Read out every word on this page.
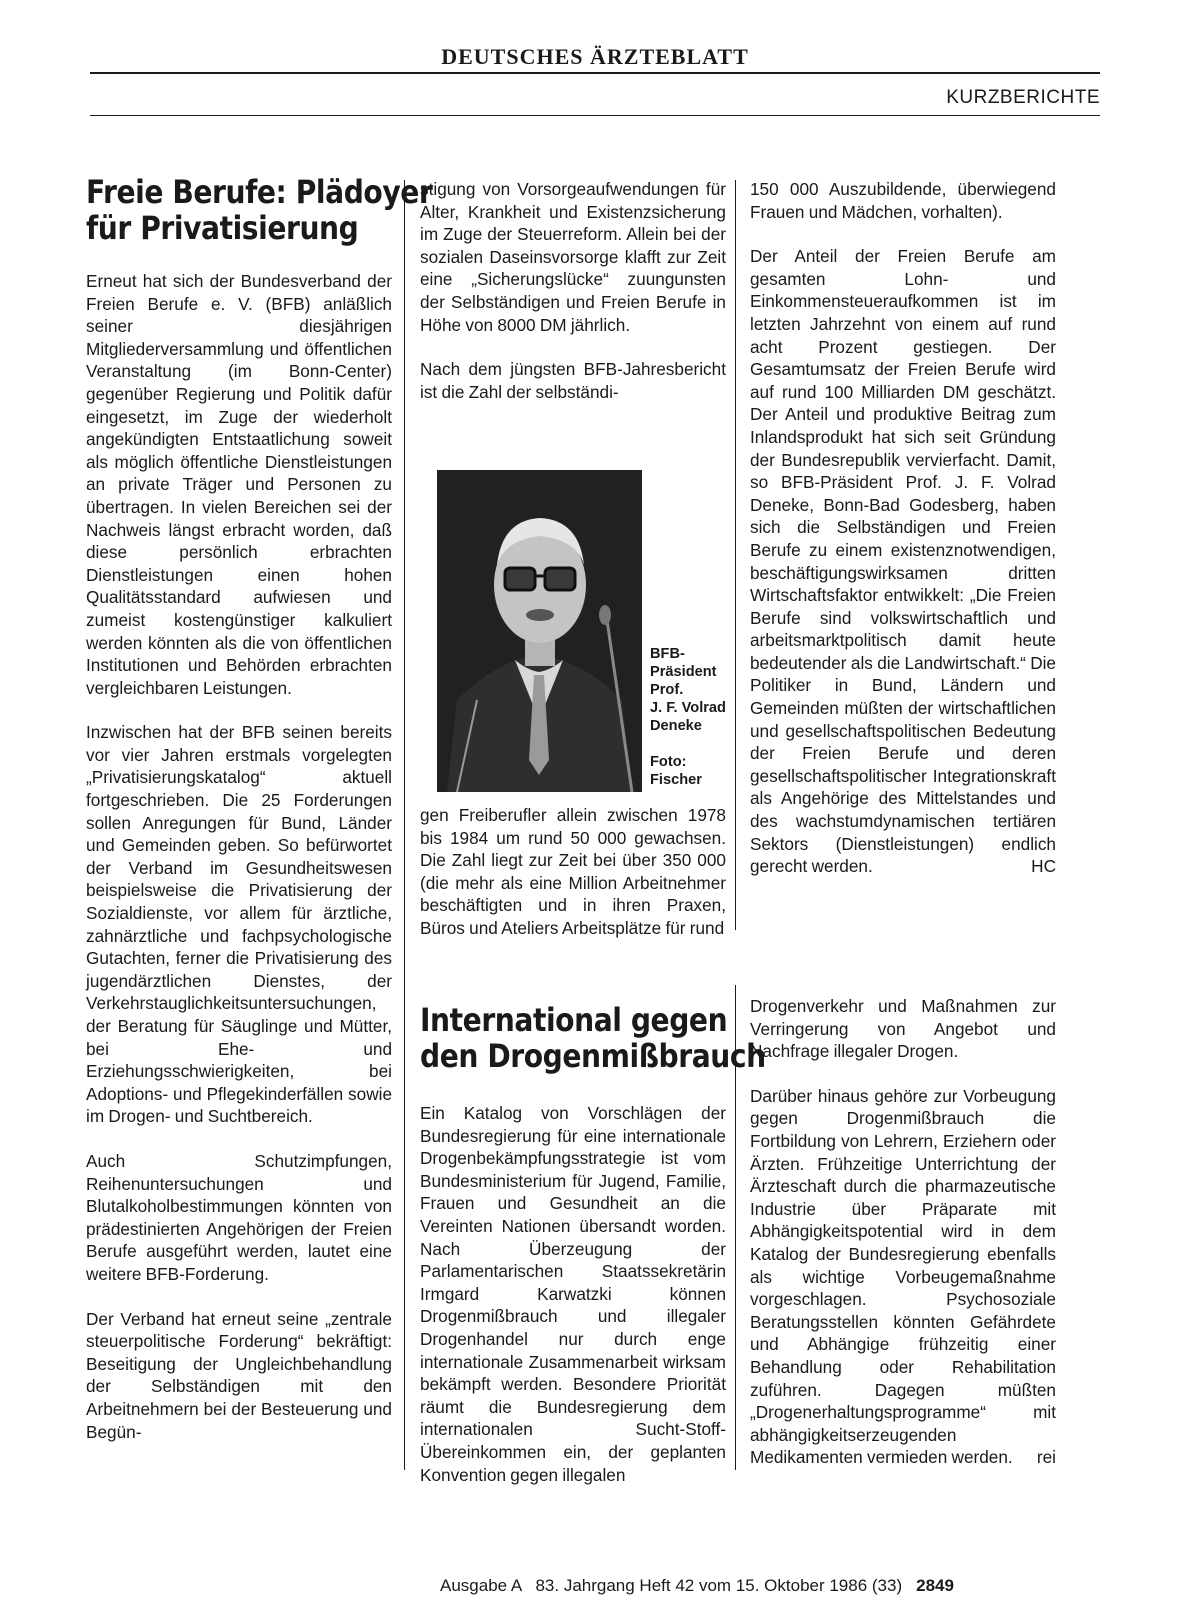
DEUTSCHES ÄRZTEBLATT
KURZBERICHTE
Freie Berufe: Plädoyer
für Privatisierung

Erneut hat sich der Bundesverband der Freien Berufe e. V. (BFB) anläßlich seiner diesjährigen Mitgliederversammlung und öffentlichen Veranstaltung (im Bonn-Center) gegenüber Regierung und Politik dafür eingesetzt, im Zuge der wiederholt angekündigten Entstaatlichung soweit als möglich öffentliche Dienstleistungen an private Träger und Personen zu übertragen. In vielen Bereichen sei der Nachweis längst erbracht worden, daß diese persönlich erbrachten Dienstleistungen einen hohen Qualitätsstandard aufwiesen und zumeist kostengünstiger kalkuliert werden könnten als die von öffentlichen Institutionen und Behörden erbrachten vergleichbaren Leistungen.

Inzwischen hat der BFB seinen bereits vor vier Jahren erstmals vorgelegten „Privatisierungskatalog“ aktuell fortgeschrieben. Die 25 Forderungen sollen Anregungen für Bund, Länder und Gemeinden geben. So befürwortet der Verband im Gesundheitswesen beispielsweise die Privatisierung der Sozialdienste, vor allem für ärztliche, zahnärztliche und fachpsychologische Gutachten, ferner die Privatisierung des jugendärztlichen Dienstes, der Verkehrstauglichkeitsuntersuchungen, der Beratung für Säuglinge und Mütter, bei Ehe- und Erziehungsschwierigkeiten, bei Adoptions- und Pflegekinderfällen sowie im Drogen- und Suchtbereich.

Auch Schutzimpfungen, Reihenuntersuchungen und Blutalkoholbestimmungen könnten von prädestinierten Angehörigen der Freien Berufe ausgeführt werden, lautet eine weitere BFB-Forderung.

Der Verband hat erneut seine „zentrale steuerpolitische Forderung“ bekräftigt: Beseitigung der Ungleichbehandlung der Selbständigen mit den Arbeitnehmern bei der Besteuerung und Begün-

stigung von Vorsorgeaufwendungen für Alter, Krankheit und Existenzsicherung im Zuge der Steuerreform. Allein bei der sozialen Daseinsvorsorge klafft zur Zeit eine „Sicherungslücke“ zuungunsten der Selbständigen und Freien Berufe in Höhe von 8000 DM jährlich.

Nach dem jüngsten BFB-Jahresbericht ist die Zahl der selbständi-

BFB-
Präsident
Prof.
J. F. Volrad
Deneke
Foto:
Fischer

gen Freiberufler allein zwischen 1978 bis 1984 um rund 50 000 gewachsen. Die Zahl liegt zur Zeit bei über 350 000 (die mehr als eine Million Arbeitnehmer beschäftigten und in ihren Praxen, Büros und Ateliers Arbeitsplätze für rund

150 000 Auszubildende, überwiegend Frauen und Mädchen, vorhalten).

Der Anteil der Freien Berufe am gesamten Lohn- und Einkommensteueraufkommen ist im letzten Jahrzehnt von einem auf rund acht Prozent gestiegen. Der Gesamtumsatz der Freien Berufe wird auf rund 100 Milliarden DM geschätzt. Der Anteil und produktive Beitrag zum Inlandsprodukt hat sich seit Gründung der Bundesrepublik vervierfacht. Damit, so BFB-Präsident Prof. J. F. Volrad Deneke, Bonn-Bad Godesberg, haben sich die Selbständigen und Freien Berufe zu einem existenznotwendigen, beschäftigungswirksamen dritten Wirtschaftsfaktor entwikkelt: „Die Freien Berufe sind volkswirtschaftlich und arbeitsmarktpolitisch damit heute bedeutender als die Landwirtschaft.“ Die Politiker in Bund, Ländern und Gemeinden müßten der wirtschaftlichen und gesellschaftspolitischen Bedeutung der Freien Berufe und deren gesellschaftspolitischer Integrationskraft als Angehörige des Mittelstandes und des wachstumdynamischen tertiären Sektors (Dienstleistungen) endlich gerecht werden.	HC

International gegen
den Drogenmißbrauch

Ein Katalog von Vorschlägen der Bundesregierung für eine internationale Drogenbekämpfungsstrategie ist vom Bundesministerium für Jugend, Familie, Frauen und Gesundheit an die Vereinten Nationen übersandt worden. Nach Überzeugung der Parlamentarischen Staatssekretärin Irmgard Karwatzki können Drogenmißbrauch und illegaler Drogenhandel nur durch enge internationale Zusammenarbeit wirksam bekämpft werden. Besondere Priorität räumt die Bundesregierung dem internationalen Sucht-Stoff-Übereinkommen ein, der geplanten Konvention gegen illegalen

Drogenverkehr und Maßnahmen zur Verringerung von Angebot und Nachfrage illegaler Drogen.

Darüber hinaus gehöre zur Vorbeugung gegen Drogenmißbrauch die Fortbildung von Lehrern, Erziehern oder Ärzten. Frühzeitige Unterrichtung der Ärzteschaft durch die pharmazeutische Industrie über Präparate mit Abhängigkeitspotential wird in dem Katalog der Bundesregierung ebenfalls als wichtige Vorbeugemaßnahme vorgeschlagen. Psychosoziale Beratungsstellen könnten Gefährdete und Abhängige frühzeitig einer Behandlung oder Rehabilitation zuführen. Dagegen müßten „Drogenerhaltungsprogramme“ mit abhängigkeitserzeugenden Medikamenten vermieden werden. rei

Ausgabe A   83. Jahrgang Heft 42 vom 15. Oktober 1986 (33) 2849
